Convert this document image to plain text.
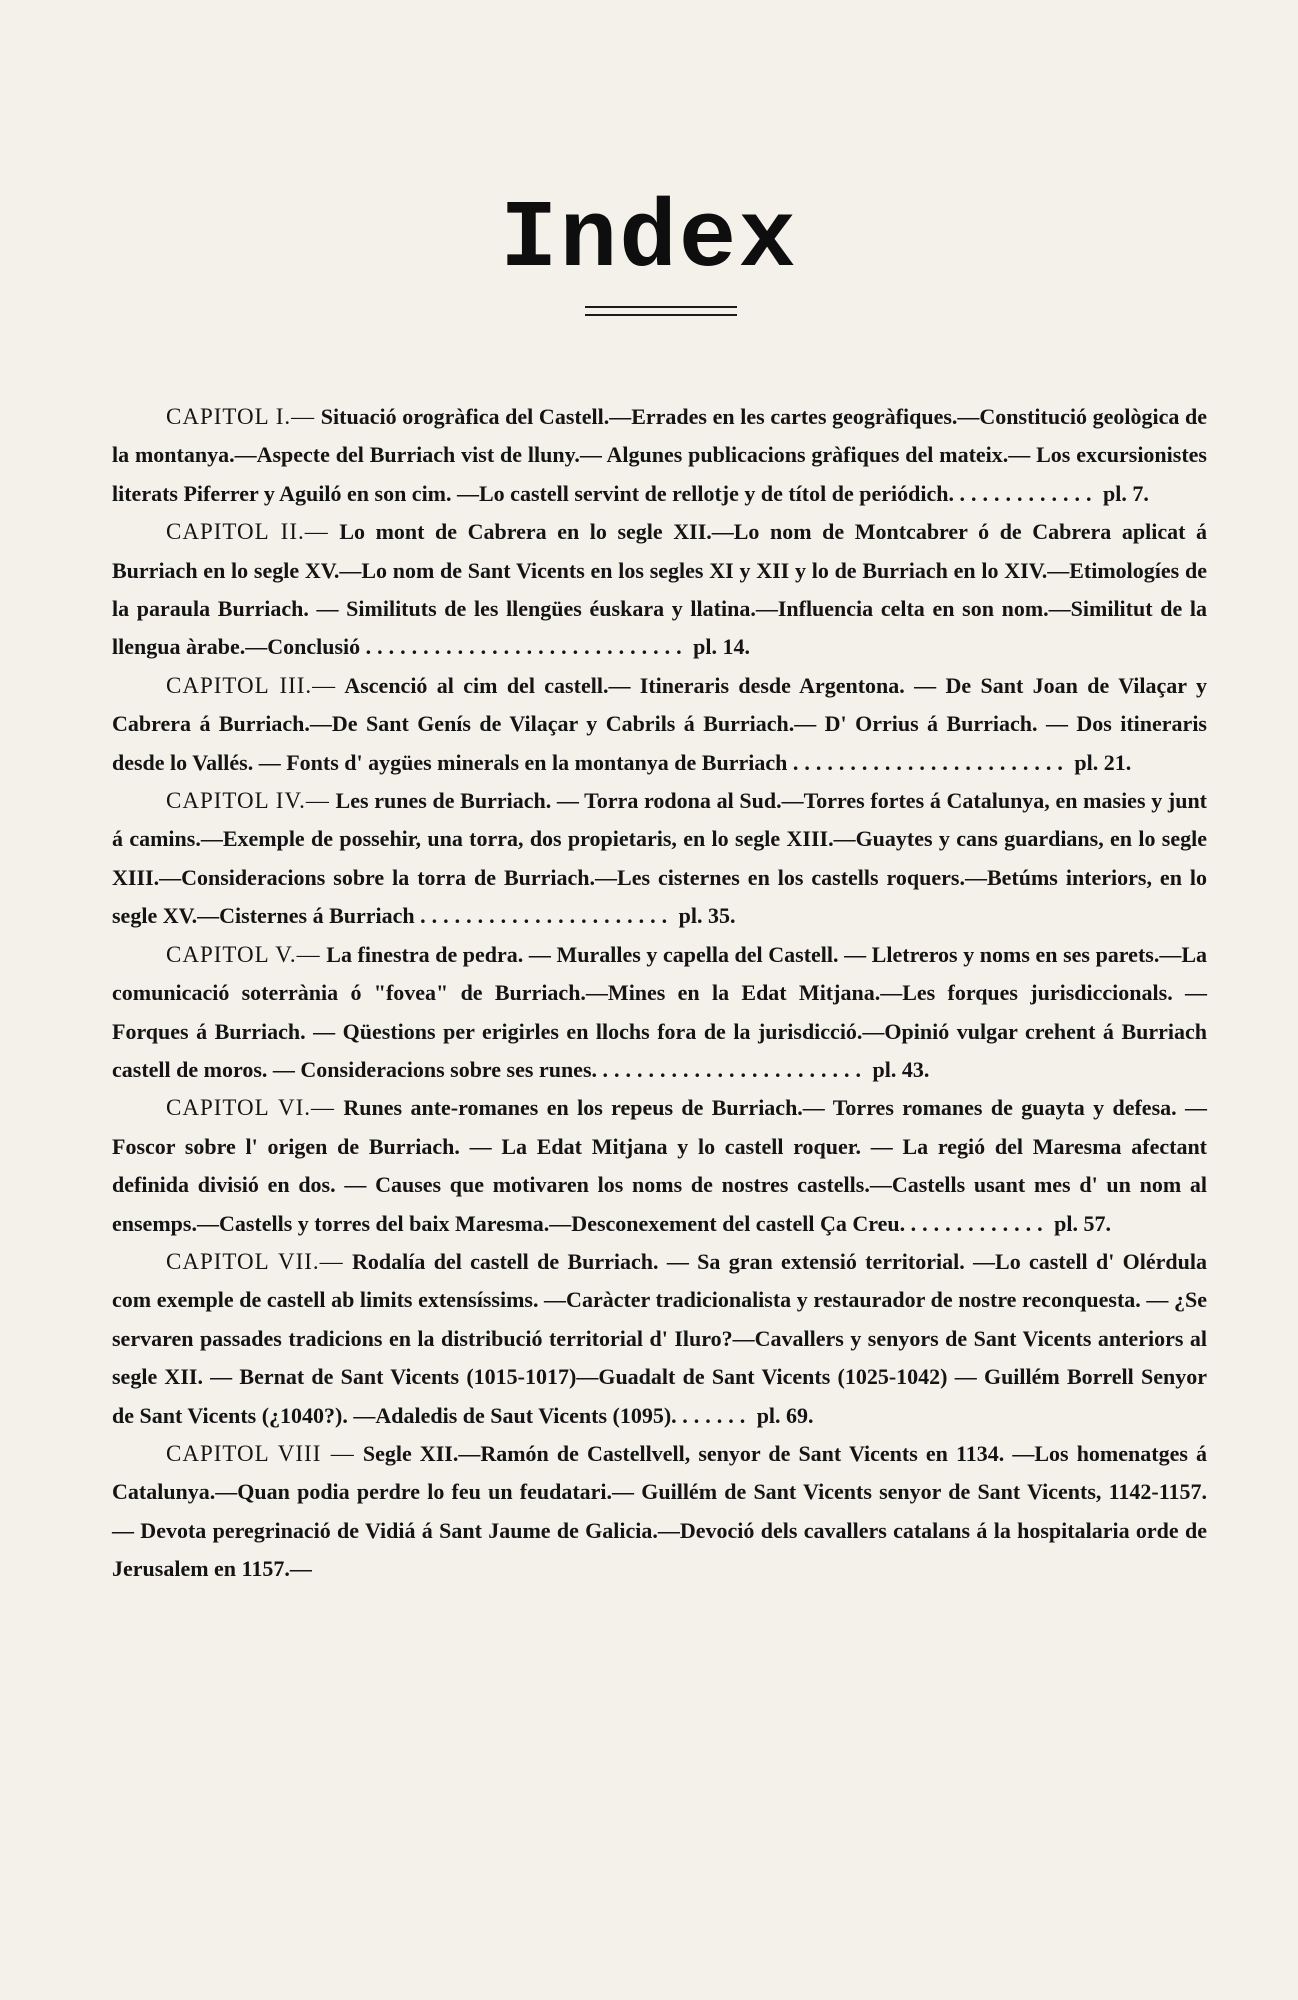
Index

CAPITOL I.— Situació orogràfica del Castell.—Errades en les cartes geogràfiques.—Constitució geològica de la montanya.—Aspecte del Burriach vist de lluny.— Algunes publicacions gràfiques del mateix.— Los excursionistes literats Piferrer y Aguiló en son cim. —Lo castell servint de rellotje y de títol de periódich. ............ pl. 7.

CAPITOL II.— Lo mont de Cabrera en lo segle XII.—Lo nom de Montcabrer ó de Cabrera aplicat á Burriach en lo segle XV.—Lo nom de Sant Vicents en los segles XI y XII y lo de Burriach en lo XIV.—Etimologíes de la paraula Burriach. — Similituts de les llengües éuskara y llatina.—Influencia celta en son nom.—Similitut de la llengua àrabe.—Conclusió ............................ pl. 14.

CAPITOL III.— Ascenció al cim del castell.— Itineraris desde Argentona. — De Sant Joan de Vilaçar y Cabrera á Burriach.—De Sant Genís de Vilaçar y Cabrils á Burriach.— D' Orrius á Burriach. — Dos itineraris desde lo Vallés. — Fonts d' aygües minerals en la montanya de Burriach ........................ pl. 21.

CAPITOL IV.— Les runes de Burriach. — Torra rodona al Sud.—Torres fortes á Catalunya, en masies y junt á camins.—Exemple de possehir, una torra, dos propietaris, en lo segle XIII.—Guaytes y cans guardians, en lo segle XIII.—Consideracions sobre la torra de Burriach.—Les cisternes en los castells roquers.—Betúms interiors, en lo segle XV.—Cisternes á Burriach ...................... pl. 35.

CAPITOL V.— La finestra de pedra. — Muralles y capella del Castell. — Lletreros y noms en ses parets.—La comunicació soterrània ó "fovea" de Burriach.—Mines en la Edat Mitjana.—Les forques jurisdiccionals. — Forques á Burriach. — Qüestions per erigirles en llochs fora de la jurisdicció.—Opinió vulgar crehent á Burriach castell de moros. — Consideracions sobre ses runes. ....................... pl. 43.

CAPITOL VI.— Runes ante-romanes en los repeus de Burriach.— Torres romanes de guayta y defesa. — Foscor sobre l' origen de Burriach. — La Edat Mitjana y lo castell roquer. — La regió del Maresma afectant definida divisió en dos. — Causes que motivaren los noms de nostres castells.—Castells usant mes d' un nom al ensemps.—Castells y torres del baix Maresma.—Desconexement del castell Ça Creu. ............ pl. 57.

CAPITOL VII.— Rodalía del castell de Burriach. — Sa gran extensió territorial. —Lo castell d' Olérdula com exemple de castell ab limits extensíssims. —Caràcter tradicionalista y restaurador de nostre reconquesta. — ¿Se servaren passades tradicions en la distribució territorial d' Iluro?—Cavallers y senyors de Sant Vicents anteriors al segle XII. — Bernat de Sant Vicents (1015-1017)—Guadalt de Sant Vicents (1025-1042) — Guillém Borrell Senyor de Sant Vicents (¿1040?). —Adaledis de Saut Vicents (1095). ...... pl. 69.

CAPITOL VIII — Segle XII.—Ramón de Castellvell, senyor de Sant Vicents en 1134. —Los homenatges á Catalunya.—Quan podia perdre lo feu un feudatari.— Guillém de Sant Vicents senyor de Sant Vicents, 1142-1157. — Devota peregrinació de Vidiá á Sant Jaume de Galicia.—Devoció dels cavallers catalans á la hospitalaria orde de Jerusalem en 1157.—
